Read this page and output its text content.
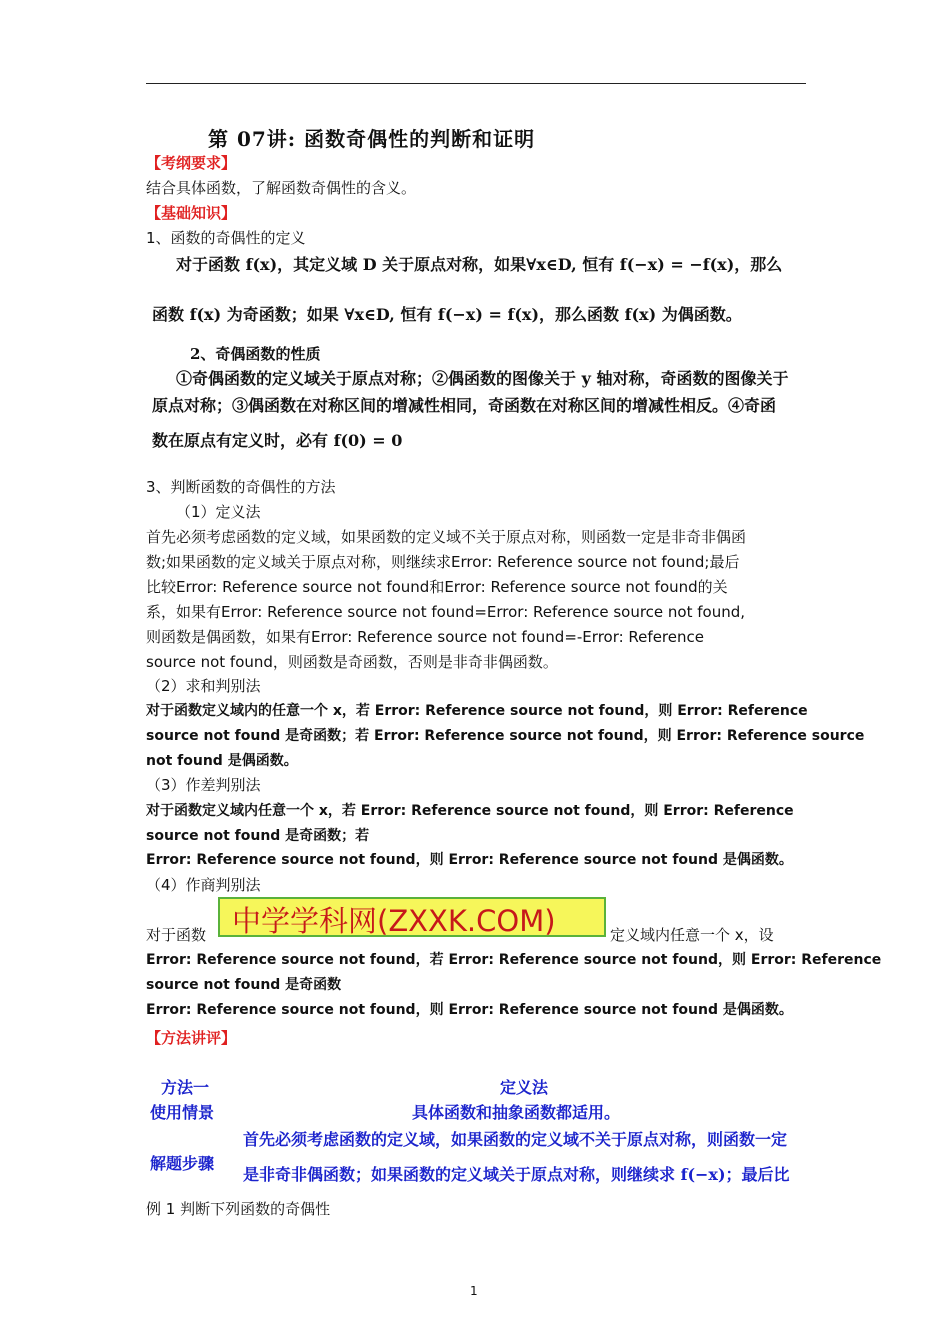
第 07讲: 函数奇偶性的判断和证明
【考纲要求】
结合具体函数，了解函数奇偶性的含义。
【基础知识】
1、函数的奇偶性的定义
对于函数 f(x)，其定义域 D 关于原点对称，如果∀x∈D, 恒有 f(−x) = −f(x)，那么
函数 f(x) 为奇函数；如果 ∀x∈D, 恒有 f(−x) = f(x)，那么函数 f(x) 为偶函数。
2、奇偶函数的性质
①奇偶函数的定义域关于原点对称；②偶函数的图像关于 y 轴对称，奇函数的图像关于
原点对称；③偶函数在对称区间的增减性相同，奇函数在对称区间的增减性相反。④奇函
数在原点有定义时，必有 f(0) = 0
3、判断函数的奇偶性的方法
（1）定义法
首先必须考虑函数的定义域，如果函数的定义域不关于原点对称，则函数一定是非奇非偶函
数;如果函数的定义域关于原点对称，则继续求Error: Reference source not found;最后
比较Error: Reference source not found和Error: Reference source not found的关
系，如果有Error: Reference source not found=Error: Reference source not found,
则函数是偶函数，如果有Error: Reference source not found=-Error: Reference
source not found，则函数是奇函数，否则是非奇非偶函数。
（2）求和判别法
对于函数定义域内的任意一个 x，若 Error: Reference source not found，则 Error: Reference
source not found 是奇函数；若 Error: Reference source not found，则 Error: Reference source
not found 是偶函数。
（3）作差判别法
对于函数定义域内任意一个 x，若 Error: Reference source not found，则 Error: Reference
source not found 是奇函数；若
Error: Reference source not found，则 Error: Reference source not found 是偶函数。
（4）作商判别法
对于函数 中学学科网(ZXXK.COM)	定义域内任意一个 x，设
Error: Reference source not found，若 Error: Reference source not found，则 Error: Reference
source not found 是奇函数
Error: Reference source not found，则 Error: Reference source not found 是偶函数。
【方法讲评】
方法一	定义法
使用情景	具体函数和抽象函数都适用。
解题步骤
首先必须考虑函数的定义域，如果函数的定义域不关于原点对称，则函数一定
是非奇非偶函数；如果函数的定义域关于原点对称，则继续求 f(−x)；最后比
例 1 判断下列函数的奇偶性
1
